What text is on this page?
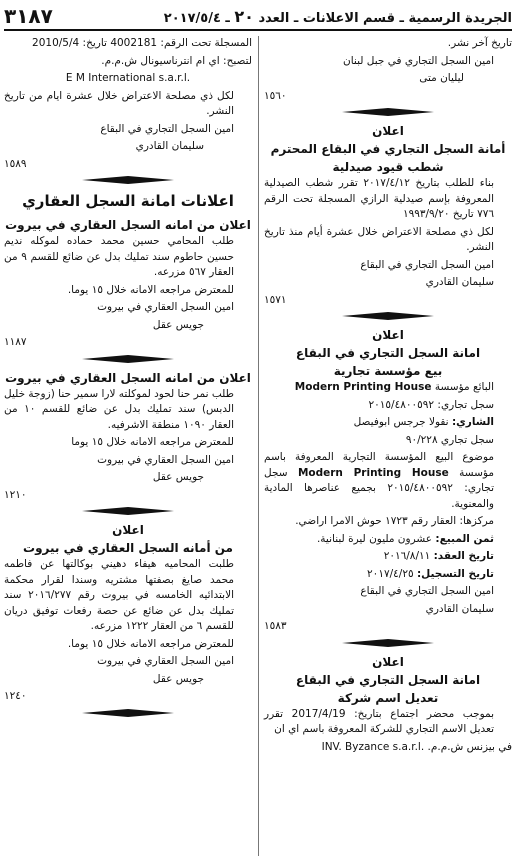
الجريدة الرسمية ـ قسم الاعلانات ـ العدد ٢٠ ـ ٢٠١٧/٥/٤
٣١٨٧

تاريخ آخر نشر.

امين السجل التجاري في جبل لبنان

ليليان متى

١٥٦٠
اعلان
أمانة السجل التجاري في البقاع المحترم
شطب قيود صيدلية

بناء للطلب بتاريخ ٢٠١٧/٤/١٢ تقرر شطب الصيدلية المعروفة بإسم صيدلية الرازي المسجلة تحت الرقم ٧٧٦ تاريخ ١٩٩٣/٩/٢٠

لكل ذي مصلحة الاعتراض خلال عشرة أيام منذ تاريخ النشر.

امين السجل التجاري في البقاع

سليمان القادري

١٥٧١
اعلان
امانة السجل التجاري في البقاع
بيع مؤسسة تجارية

البائع مؤسسة Modern Printing House

سجل تجاري: ٢٠١٥/٤٨٠٠٥٩٢

الشاري: نقولا جرجس ابوفيصل

سجل تجاري ٩٠/٢٢٨

موضوع البيع المؤسسة التجارية المعروفة باسم مؤسسة Modern Printing House سجل تجاري: ٢٠١٥/٤٨٠٠٥٩٢ بجميع عناصرها المادية والمعنوية.

مركزها: العقار رقم ١٧٢٣ حوش الامرا اراضي.

ثمن المبيع: عشرون مليون ليرة لبنانية.

تاريخ العقد: ٢٠١٦/٨/١١

تاريخ التسجيل: ٢٠١٧/٤/٢٥

امين السجل التجاري في البقاع

سليمان القادري

١٥٨٣
اعلان
امانة السجل التجاري في البقاع
تعديل اسم شركة

بموجب محضر اجتماع بتاريخ: 2017/4/19 تقرر تعديل الاسم التجاري للشركة المعروفة باسم اي ان

في بيزنس ش.م.م. INV. Byzance s.a.r.l.

المسجلة تحت الرقم: 4002181 تاريخ: 2010/5/4

لتصبح: اي ام انترناسيونال ش.م.م.

E M International s.a.r.l.

لكل ذي مصلحة الاعتراض خلال عشرة ايام من تاريخ النشر.

امين السجل التجاري في البقاع

سليمان القادري

١٥٨٩
اعلانات امانة السجل العقاري
اعلان من امانه السجل العقاري في بيروت

طلب المحامي حسين محمد حماده لموكله نديم حسين حاطوم سند تمليك بدل عن ضائع للقسم ٩ من العقار ٥٦٧ مزرعه.

للمعترض مراجعه الامانه خلال ١٥ يوما.

امين السجل العقاري في بيروت

جويس عقل

١١٨٧
اعلان من امانه السجل العقاري في بيروت

طلب نمر حنا لحود لموكلته لارا سمير حنا (زوجة خليل الدبس) سند تمليك بدل عن ضائع للقسم ١٠ من العقار ١٠٩٠ منطقة الاشرفيه.

للمعترض مراجعه الامانه خلال ١٥ يوما

امين السجل العقاري في بيروت

جويس عقل

١٢١٠
اعلان
من أمانه السجل العقاري في بيروت

طلبت المحاميه هيفاء دهيني بوكالتها عن فاطمه محمد صايغ بصفتها مشتريه وسندا لقرار محكمة الابتدائيه الخامسه في بيروت رقم ٢٠١٦/٢٧٧ سند تمليك بدل عن ضائع عن حصة رفعات توفيق دريان للقسم ٦ من العقار ١٢٢٢ مزرعه.

للمعترض مراجعه الامانه خلال ١٥ يوما.

امين السجل العقاري في بيروت

جويس عقل

١٢٤٠
